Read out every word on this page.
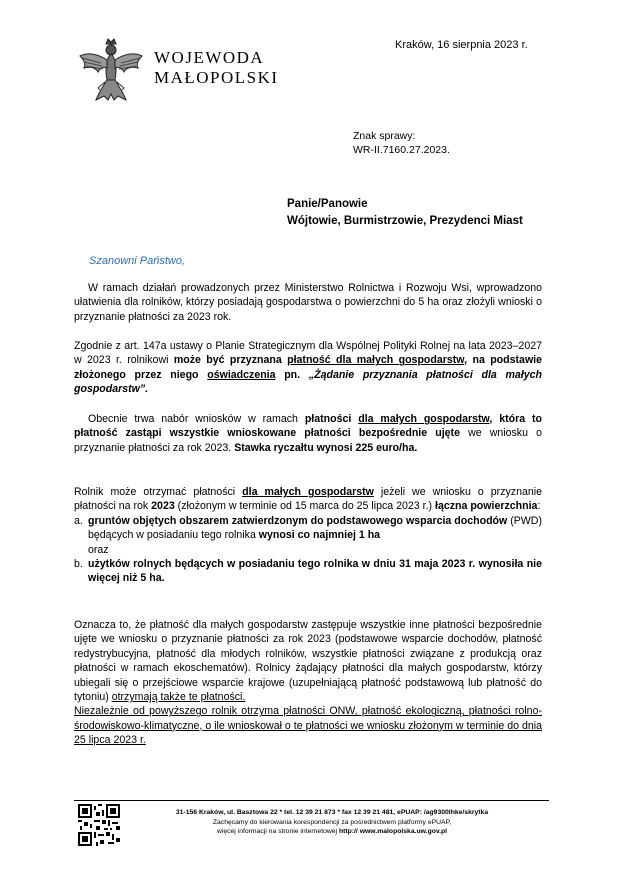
WOJEWODA
MAŁOPOLSKI
Kraków, 16 sierpnia 2023 r.
Znak sprawy:
WR-II.7160.27.2023.
Panie/Panowie
Wójtowie, Burmistrzowie, Prezydenci Miast
Szanowni Państwo,

W ramach działań prowadzonych przez Ministerstwo Rolnictwa i Rozwoju Wsi, wprowadzono ułatwienia dla rolników, którzy posiadają gospodarstwa o powierzchni do 5 ha oraz złożyli wnioski o przyznanie płatności za 2023 rok.

Zgodnie z art. 147a ustawy o Planie Strategicznym dla Wspólnej Polityki Rolnej na lata 2023–2027 w 2023 r. rolnikowi może być przyznana płatność dla małych gospodarstw, na podstawie złożonego przez niego oświadczenia pn. „Żądanie przyznania płatności dla małych gospodarstw”.

Obecnie trwa nabór wniosków w ramach płatności dla małych gospodarstw, która to płatność zastąpi wszystkie wnioskowane płatności bezpośrednie ujęte we wniosku o przyznanie płatności za rok 2023. Stawka ryczałtu wynosi 225 euro/ha.

Rolnik może otrzymać płatności dla małych gospodarstw jeżeli we wniosku o przyznanie płatności na rok 2023 (złożonym w terminie od 15 marca do 25 lipca 2023 r.) łączna powierzchnia:

a. gruntów objętych obszarem zatwierdzonym do podstawowego wsparcia dochodów (PWD) będących w posiadaniu tego rolnika wynosi co najmniej 1 ha
oraz
b. użytków rolnych będących w posiadaniu tego rolnika w dniu 31 maja 2023 r. wynosiła nie więcej niż 5 ha.

Oznacza to, że płatność dla małych gospodarstw zastępuje wszystkie inne płatności bezpośrednie ujęte we wniosku o przyznanie płatności za rok 2023 (podstawowe wsparcie dochodów, płatność redystrybucyjna, płatność dla młodych rolników, wszystkie płatności związane z produkcją oraz płatności w ramach ekoschematów). Rolnicy żądający płatności dla małych gospodarstw, którzy ubiegali się o przejściowe wsparcie krajowe (uzupełniającą płatność podstawową lub płatność do tytoniu) otrzymają także te płatności.

Niezależnie od powyższego rolnik otrzyma płatności ONW, płatność ekologiczną, płatności rolno-środowiskowo-klimatyczne, o ile wnioskował o te płatności we wniosku złożonym w terminie do dnia 25 lipca 2023 r.

31-156 Kraków, ul. Basztowa 22 * tel. 12 39 21 873 * fax 12 39 21 481, ePUAP: /ag9300lhke/skrytka
Zachęcamy do kierowania korespondencji za pośrednictwem platformy ePUAP,
więcej informacji na stronie internetowej http:// www.malopolska.uw.gov.pl
